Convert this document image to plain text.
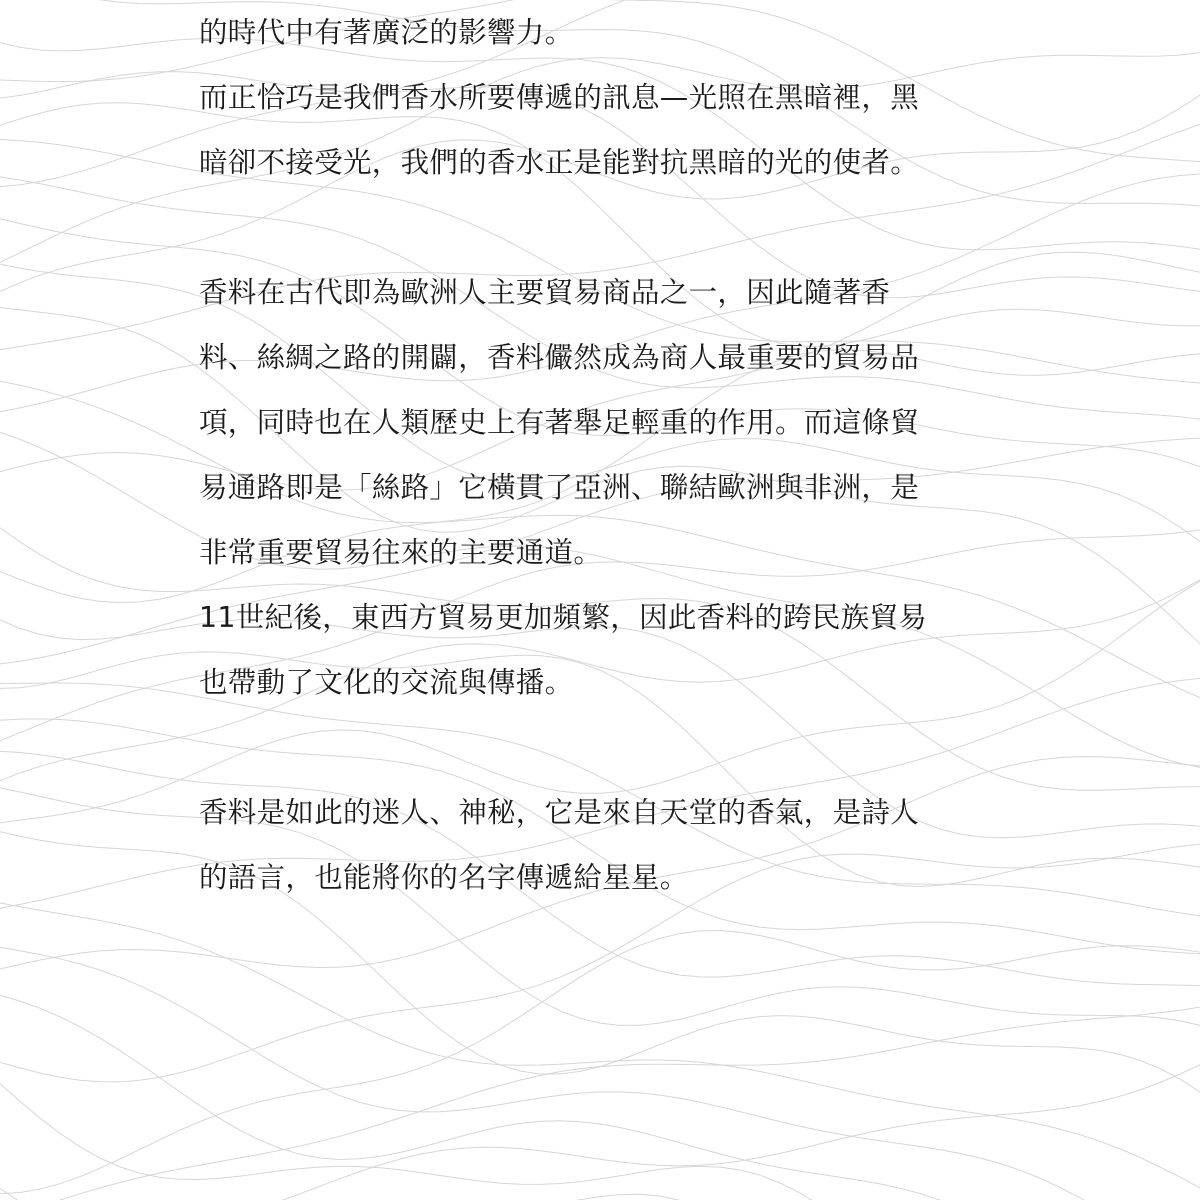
的時代中有著廣泛的影響力。

而正恰巧是我們香水所要傳遞的訊息—光照在黑暗裡，黑

暗卻不接受光，我們的香水正是能對抗黑暗的光的使者。

香料在古代即為歐洲人主要貿易商品之一，因此隨著香

料、絲綢之路的開闢，香料儼然成為商人最重要的貿易品

項，同時也在人類歷史上有著舉足輕重的作用。而這條貿

易通路即是「絲路」它橫貫了亞洲、聯結歐洲與非洲，是

非常重要貿易往來的主要通道。

11世紀後，東西方貿易更加頻繁，因此香料的跨民族貿易

也帶動了文化的交流與傳播。

香料是如此的迷人、神秘，它是來自天堂的香氣，是詩人

的語言，也能將你的名字傳遞給星星。
